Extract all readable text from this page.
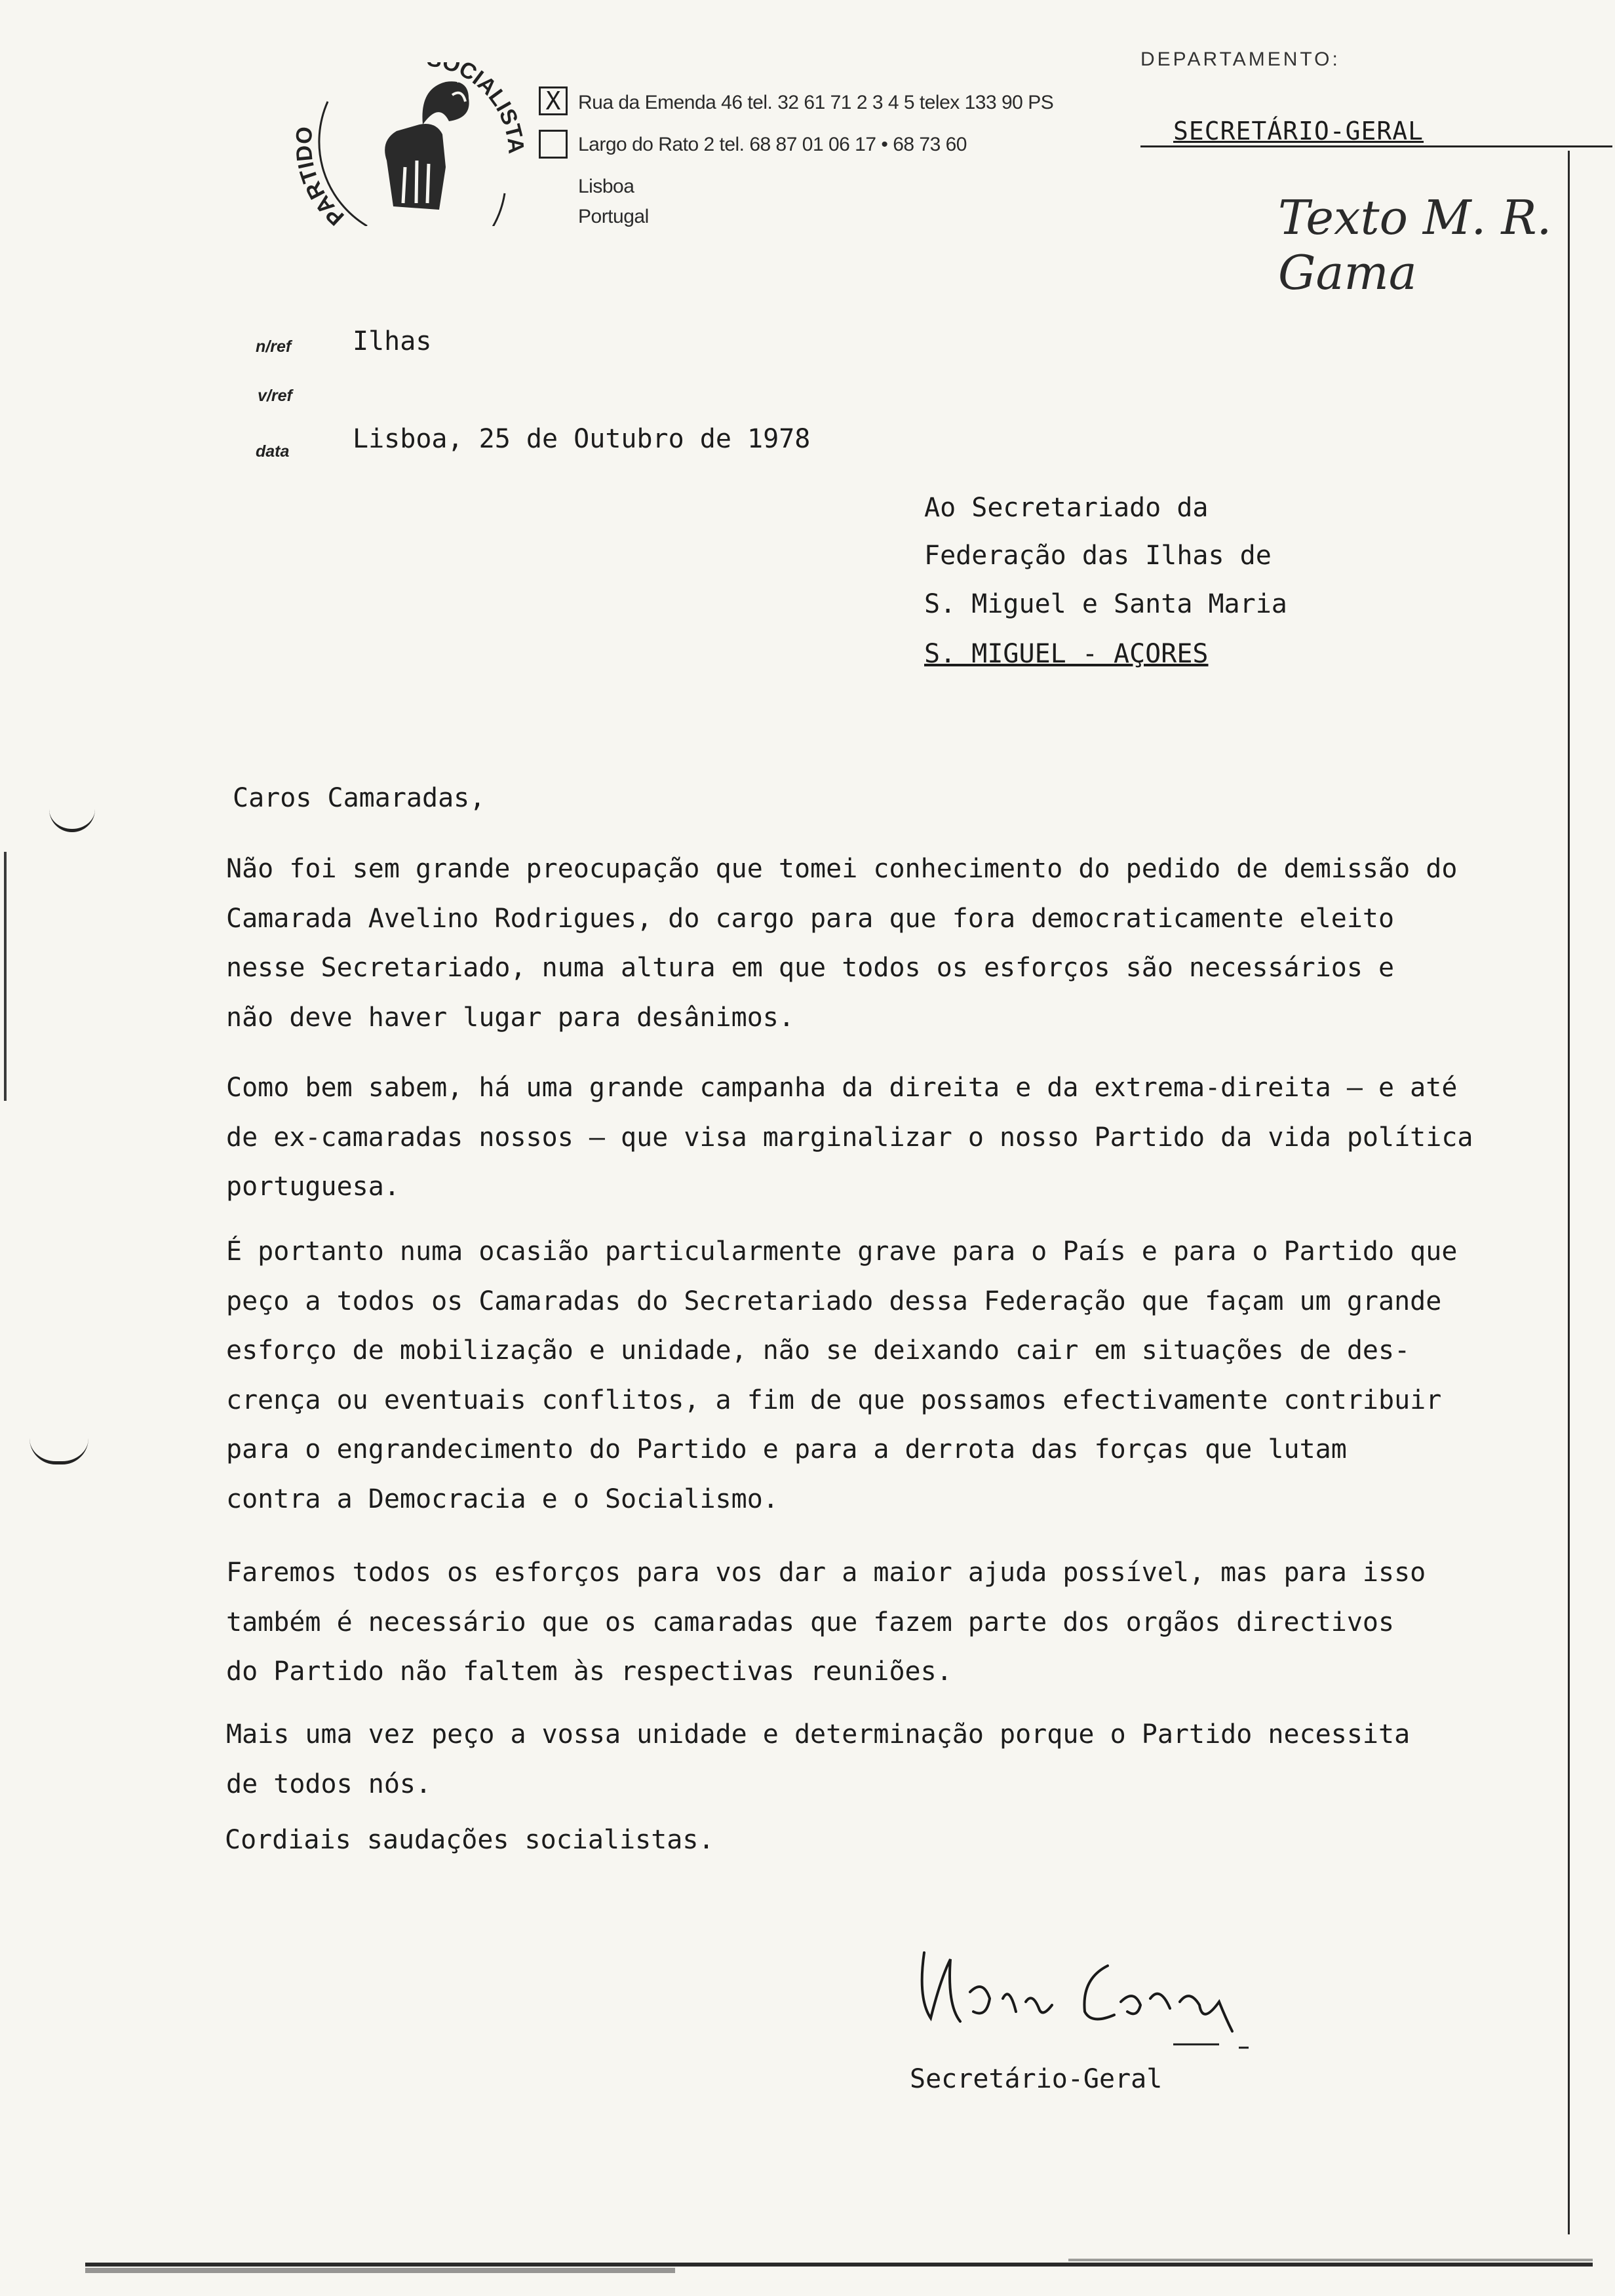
PARTIDO
OCIALISTA
X Rua da Emenda 46 tel. 32 61 71 2 3 4 5 telex 133 90 PS
Largo do Rato 2 tel. 68 87 01 06 17 • 68 73 60
Lisboa
Portugal
DEPARTAMENTO:
SECRETÁRIO-GERAL
Texto M. R. Gama
n/ref Ilhas
v/ref
data Lisboa, 25 de Outubro de 1978
Ao Secretariado da
Federação das Ilhas de
S. Miguel e Santa Maria
S. MIGUEL - AÇORES
Caros Camaradas,

Não foi sem grande preocupação que tomei conhecimento do pedido de demissão do

Camarada Avelino Rodrigues, do cargo para que fora democraticamente eleito

nesse Secretariado, numa altura em que todos os esforços são necessários e

não deve haver lugar para desânimos.

Como bem sabem, há uma grande campanha da direita e da extrema-direita — e até

de ex-camaradas nossos — que visa marginalizar o nosso Partido da vida política

portuguesa.

É portanto numa ocasião particularmente grave para o País e para o Partido que

peço a todos os Camaradas do Secretariado dessa Federação que façam um grande

esforço de mobilização e unidade, não se deixando cair em situações de des-

crença ou eventuais conflitos, a fim de que possamos efectivamente contribuir

para o engrandecimento do Partido e para a derrota das forças que lutam

contra a Democracia e o Socialismo.

Faremos todos os esforços para vos dar a maior ajuda possível, mas para isso

também é necessário que os camaradas que fazem parte dos orgãos directivos

do Partido não faltem às respectivas reuniões.

Mais uma vez peço a vossa unidade e determinação porque o Partido necessita

de todos nós.

Cordiais saudações socialistas.
Secretário-Geral
